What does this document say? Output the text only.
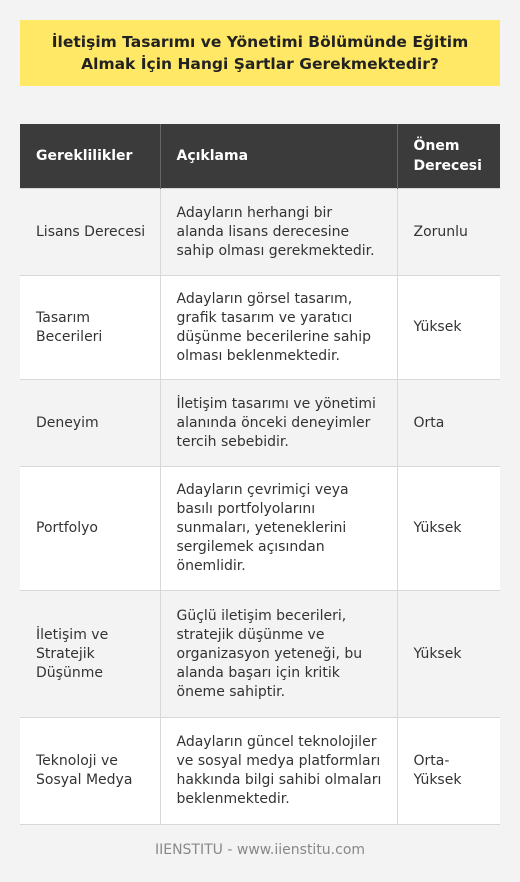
İletişim Tasarımı ve Yönetimi Bölümünde Eğitim Almak İçin Hangi Şartlar Gerekmektedir?
Gereklilikler	Açıklama	Önem Derecesi
Lisans Derecesi	Adayların herhangi bir alanda lisans derecesine sahip olması gerekmektedir.	Zorunlu
Tasarım Becerileri	Adayların görsel tasarım, grafik tasarım ve yaratıcı düşünme becerilerine sahip olması beklenmektedir.	Yüksek
Deneyim	İletişim tasarımı ve yönetimi alanında önceki deneyimler tercih sebebidir.	Orta
Portfolyo	Adayların çevrimiçi veya basılı portfolyolarını sunmaları, yeteneklerini sergilemek açısından önemlidir.	Yüksek
İletişim ve Stratejik Düşünme	Güçlü iletişim becerileri, stratejik düşünme ve organizasyon yeteneği, bu alanda başarı için kritik öneme sahiptir.	Yüksek
Teknoloji ve Sosyal Medya	Adayların güncel teknolojiler ve sosyal medya platformları hakkında bilgi sahibi olmaları beklenmektedir.	Orta-Yüksek
IIENSTITU - www.iienstitu.com
